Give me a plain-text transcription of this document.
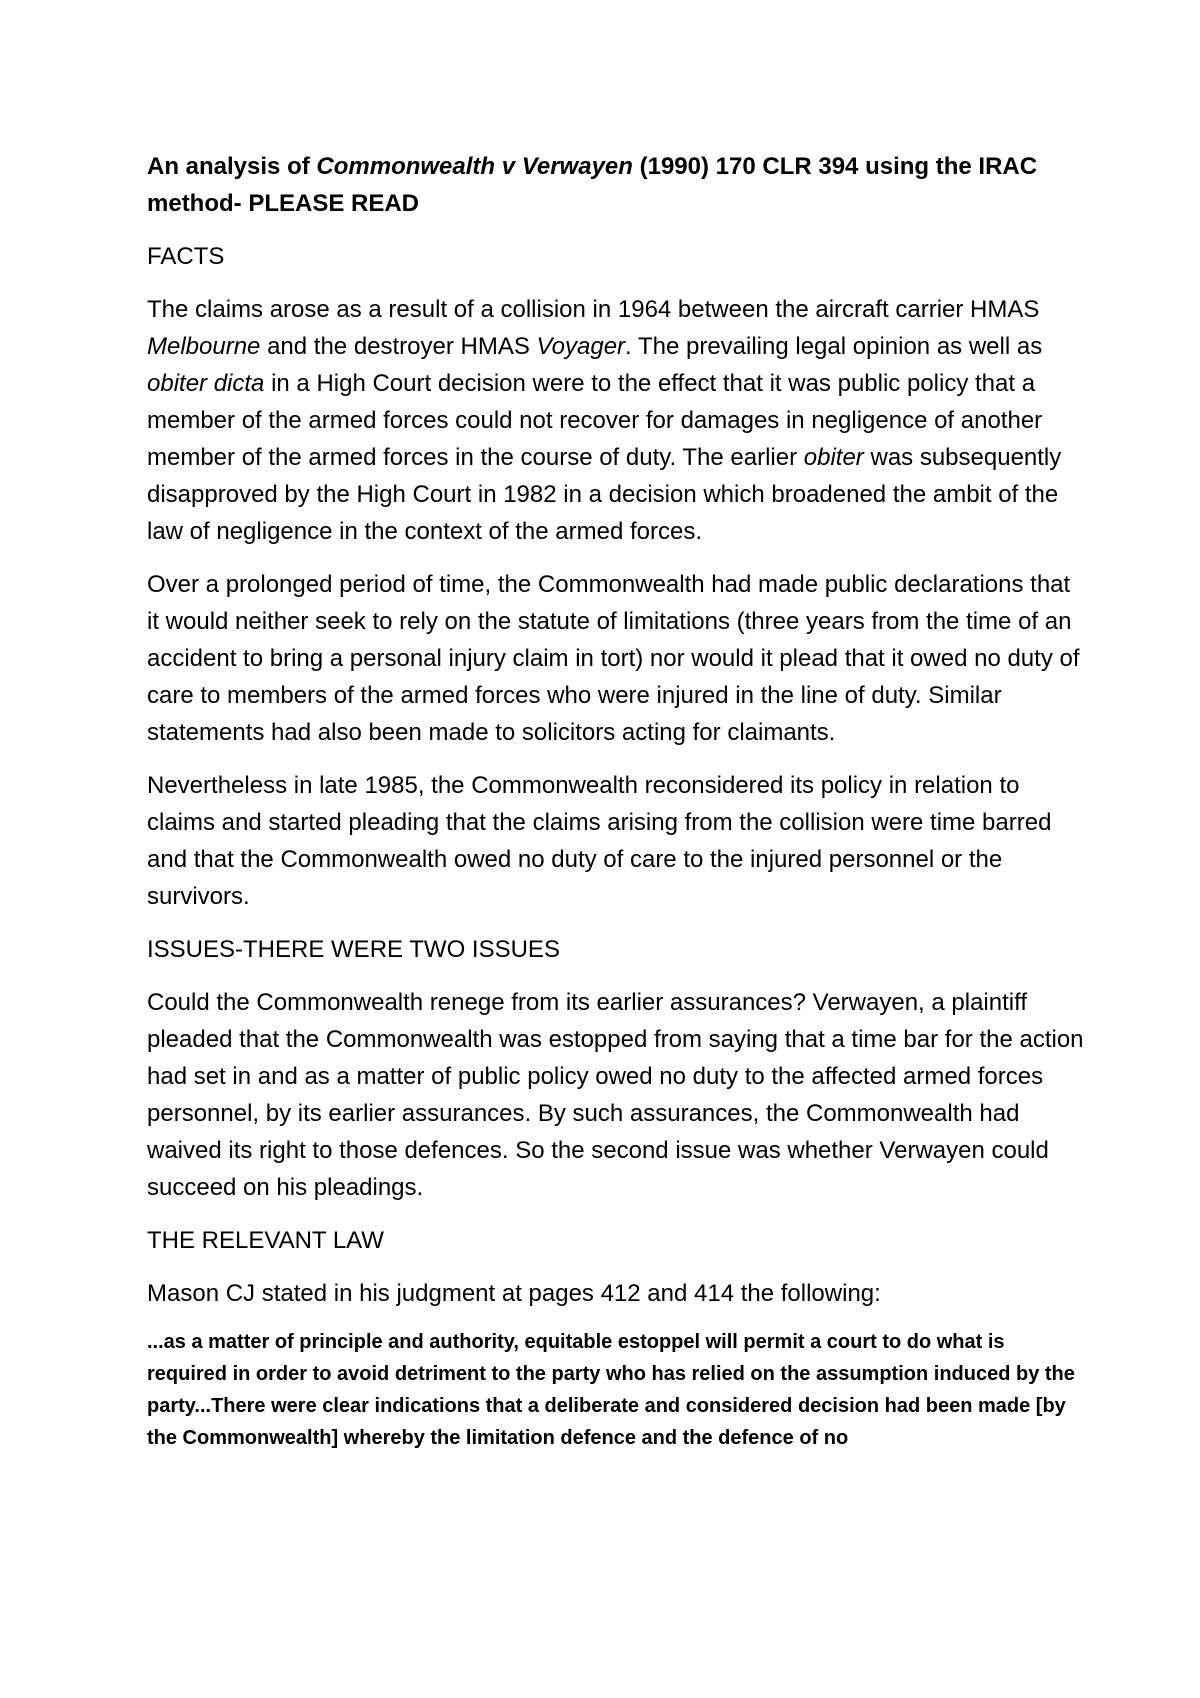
An analysis of Commonwealth v Verwayen (1990) 170 CLR 394 using the IRAC method- PLEASE READ

FACTS

The claims arose as a result of a collision in 1964 between the aircraft carrier HMAS Melbourne and the destroyer HMAS Voyager. The prevailing legal opinion as well as obiter dicta in a High Court decision were to the effect that it was public policy that a member of the armed forces could not recover for damages in negligence of another member of the armed forces in the course of duty. The earlier obiter was subsequently disapproved by the High Court in 1982 in a decision which broadened the ambit of the law of negligence in the context of the armed forces.

Over a prolonged period of time, the Commonwealth had made public declarations that it would neither seek to rely on the statute of limitations (three years from the time of an accident to bring a personal injury claim in tort) nor would it plead that it owed no duty of care to members of the armed forces who were injured in the line of duty. Similar statements had also been made to solicitors acting for claimants.

Nevertheless in late 1985, the Commonwealth reconsidered its policy in relation to claims and started pleading that the claims arising from the collision were time barred and that the Commonwealth owed no duty of care to the injured personnel or the survivors.

ISSUES-THERE WERE TWO ISSUES

Could the Commonwealth renege from its earlier assurances? Verwayen, a plaintiff pleaded that the Commonwealth was estopped from saying that a time bar for the action had set in and as a matter of public policy owed no duty to the affected armed forces personnel, by its earlier assurances. By such assurances, the Commonwealth had waived its right to those defences. So the second issue was whether Verwayen could succeed on his pleadings.

THE RELEVANT LAW

Mason CJ stated in his judgment at pages 412 and 414 the following:

...as a matter of principle and authority, equitable estoppel will permit a court to do what is required in order to avoid detriment to the party who has relied on the assumption induced by the party...There were clear indications that a deliberate and considered decision had been made [by the Commonwealth] whereby the limitation defence and the defence of no
